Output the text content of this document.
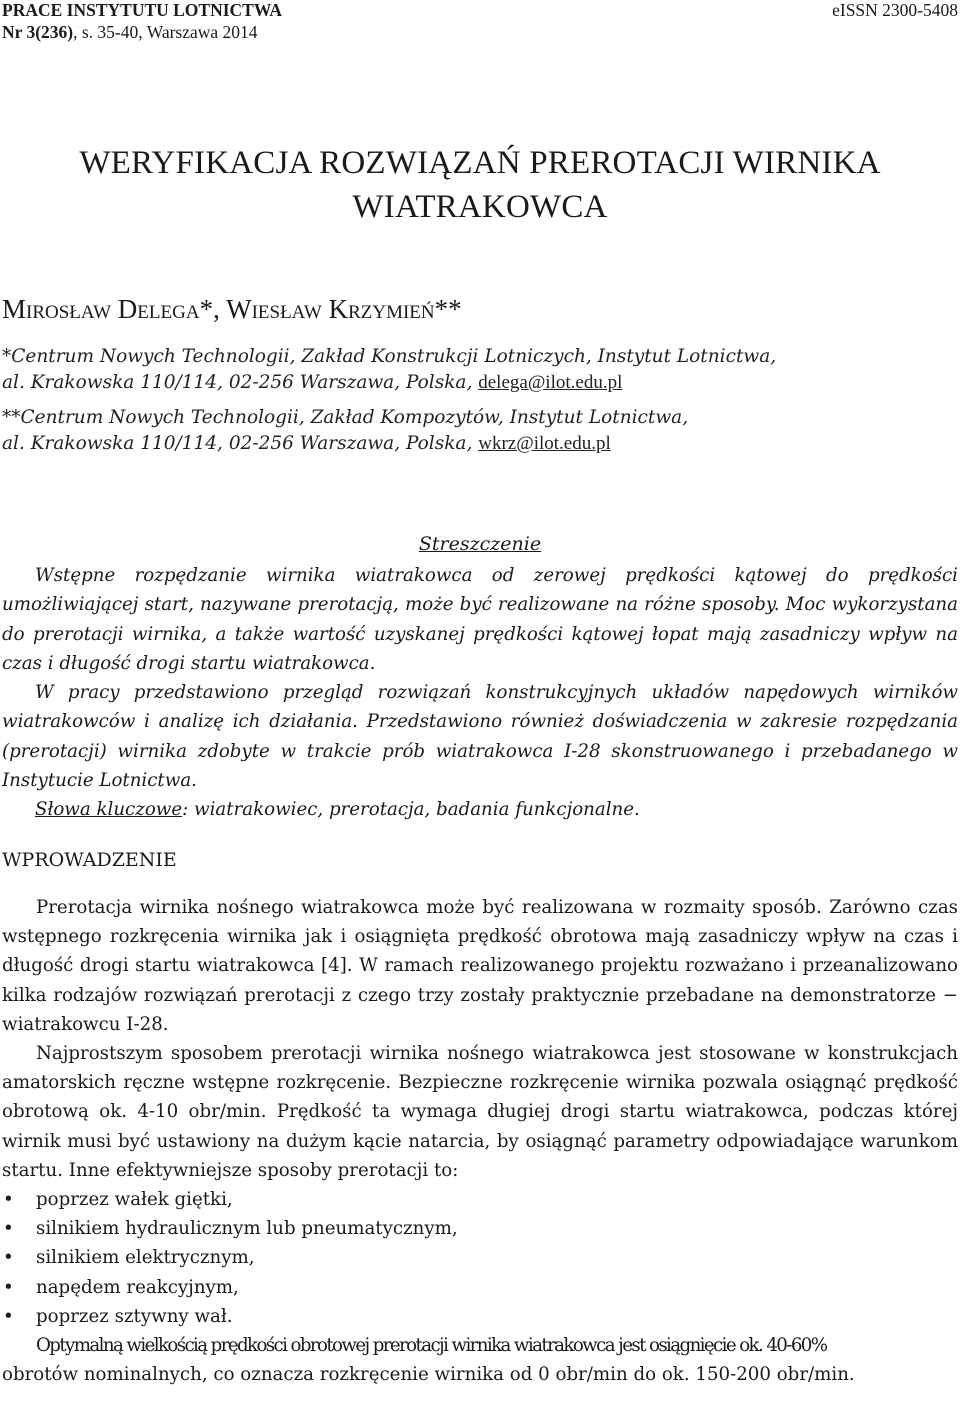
PRACE INSTYTUTU LOTNICTWA
Nr 3(236), s. 35-40, Warszawa 2014
eISSN 2300-5408
WERYFIKACJA ROZWIĄZAŃ PREROTACJI WIRNIKA
WIATRAKOWCA
MIROSŁAW DELEGA*, WIESŁAW KRZYMIEŃ**
*Centrum Nowych Technologii, Zakład Konstrukcji Lotniczych, Instytut Lotnictwa,
al. Krakowska 110/114, 02-256 Warszawa, Polska, delega@ilot.edu.pl
**Centrum Nowych Technologii, Zakład Kompozytów, Instytut Lotnictwa,
al. Krakowska 110/114, 02-256 Warszawa, Polska, wkrz@ilot.edu.pl
Streszczenie

Wstępne rozpędzanie wirnika wiatrakowca od zerowej prędkości kątowej do prędkości umożliwiającej start, nazywane prerotacją, może być realizowane na różne sposoby. Moc wykorzystana do prerotacji wirnika, a także wartość uzyskanej prędkości kątowej łopat mają zasadniczy wpływ na czas i długość drogi startu wiatrakowca.

W pracy przedstawiono przegląd rozwiązań konstrukcyjnych układów napędowych wirników wiatrakowców i analizę ich działania. Przedstawiono również doświadczenia w zakresie rozpędzania (prerotacji) wirnika zdobyte w trakcie prób wiatrakowca I-28 skonstruowanego i przebadanego w Instytucie Lotnictwa.

Słowa kluczowe: wiatrakowiec, prerotacja, badania funkcjonalne.

WPROWADZENIE

Prerotacja wirnika nośnego wiatrakowca może być realizowana w rozmaity sposób. Zarówno czas wstępnego rozkręcenia wirnika jak i osiągnięta prędkość obrotowa mają zasadniczy wpływ na czas i długość drogi startu wiatrakowca [4]. W ramach realizowanego projektu rozważano i przeanalizowano kilka rodzajów rozwiązań prerotacji z czego trzy zostały praktycznie przebadane na demonstratorze − wiatrakowcu I-28.

Najprostszym sposobem prerotacji wirnika nośnego wiatrakowca jest stosowane w konstrukcjach amatorskich ręczne wstępne rozkręcenie. Bezpieczne rozkręcenie wirnika pozwala osiągnąć prędkość obrotową ok. 4-10 obr/min. Prędkość ta wymaga długiej drogi startu wiatrakowca, podczas której wirnik musi być ustawiony na dużym kącie natarcia, by osiągnąć parametry odpowiadające warunkom startu. Inne efektywniejsze sposoby prerotacji to:

• poprzez wałek giętki,
• silnikiem hydraulicznym lub pneumatycznym,
• silnikiem elektrycznym,
• napędem reakcyjnym,
• poprzez sztywny wał.
Optymalną wielkością prędkości obrotowej prerotacji wirnika wiatrakowca jest osiągnięcie ok. 40-60%
obrotów nominalnych, co oznacza rozkręcenie wirnika od 0 obr/min do ok. 150-200 obr/min.
